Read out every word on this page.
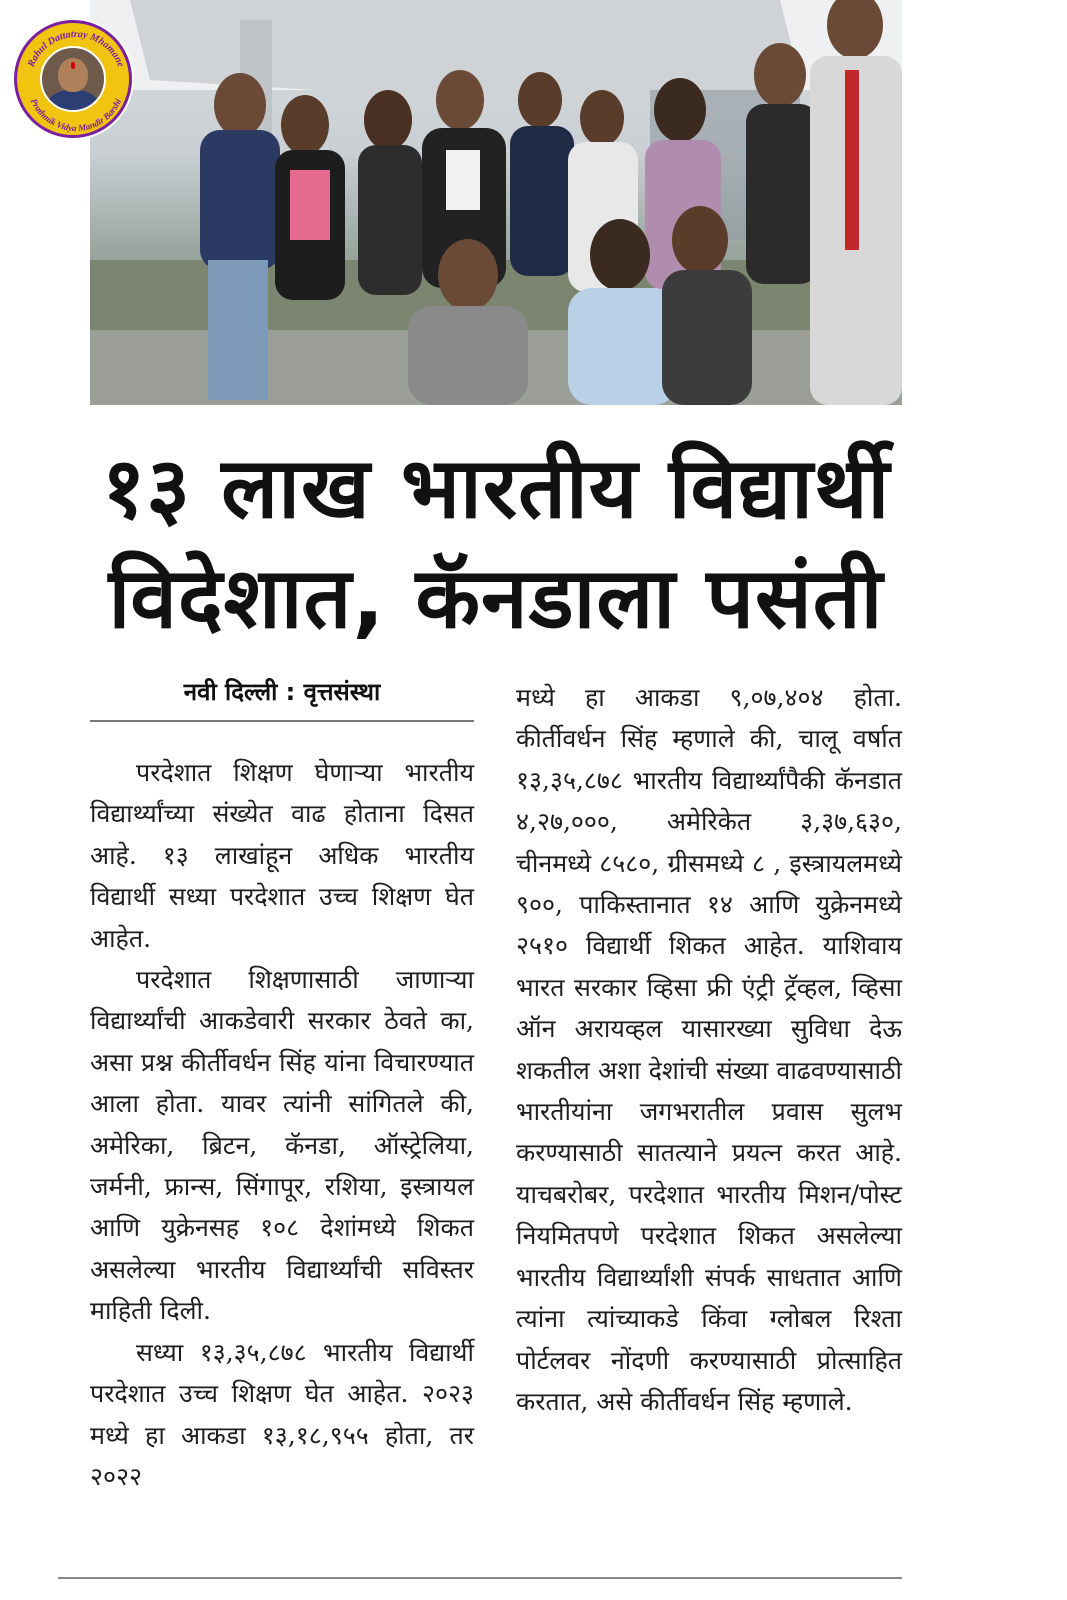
Rahul Dattatray Mhamane
Prathmik Vidya Mandir Barshi
१३ लाख भारतीय विद्यार्थी
विदेशात, कॅनडाला पसंती
नवी दिल्ली : वृत्तसंस्था

परदेशात शिक्षण घेणाऱ्या भारतीय विद्यार्थ्यांच्या संख्येत वाढ होताना दिसत आहे. १३ लाखांहून अधिक भारतीय विद्यार्थी सध्या परदेशात उच्च शिक्षण घेत आहेत.

परदेशात शिक्षणासाठी जाणाऱ्या विद्यार्थ्यांची आकडेवारी सरकार ठेवते का, असा प्रश्न कीर्तीवर्धन सिंह यांना विचारण्यात आला होता. यावर त्यांनी सांगितले की, अमेरिका, ब्रिटन, कॅनडा, ऑस्ट्रेलिया, जर्मनी, फ्रान्स, सिंगापूर, रशिया, इस्त्रायल आणि युक्रेनसह १०८ देशांमध्ये शिकत असलेल्या भारतीय विद्यार्थ्यांची सविस्तर माहिती दिली.

सध्या १३,३५,८७८ भारतीय विद्यार्थी परदेशात उच्च शिक्षण घेत आहेत. २०२३ मध्ये हा आकडा १३,१८,९५५ होता, तर २०२२

मध्ये हा आकडा ९,०७,४०४ होता. कीर्तीवर्धन सिंह म्हणाले की, चालू वर्षात १३,३५,८७८ भारतीय विद्यार्थ्यांपैकी कॅनडात ४,२७,०००, अमेरिकेत ३,३७,६३०, चीनमध्ये ८५८०, ग्रीसमध्ये ८ , इस्त्रायलमध्ये ९००, पाकिस्तानात १४ आणि युक्रेनमध्ये २५१० विद्यार्थी शिकत आहेत. याशिवाय भारत सरकार व्हिसा फ्री एंट्री ट्रॅव्हल, व्हिसा ऑन अरायव्हल यासारख्या सुविधा देऊ शकतील अशा देशांची संख्या वाढवण्यासाठी भारतीयांना जगभरातील प्रवास सुलभ करण्यासाठी सातत्याने प्रयत्न करत आहे. याचबरोबर, परदेशात भारतीय मिशन/पोस्ट नियमितपणे परदेशात शिकत असलेल्या भारतीय विद्यार्थ्यांशी संपर्क साधतात आणि त्यांना त्यांच्याकडे किंवा ग्लोबल रिश्ता पोर्टलवर नोंदणी करण्यासाठी प्रोत्साहित करतात, असे कीर्तीवर्धन सिंह म्हणाले.
